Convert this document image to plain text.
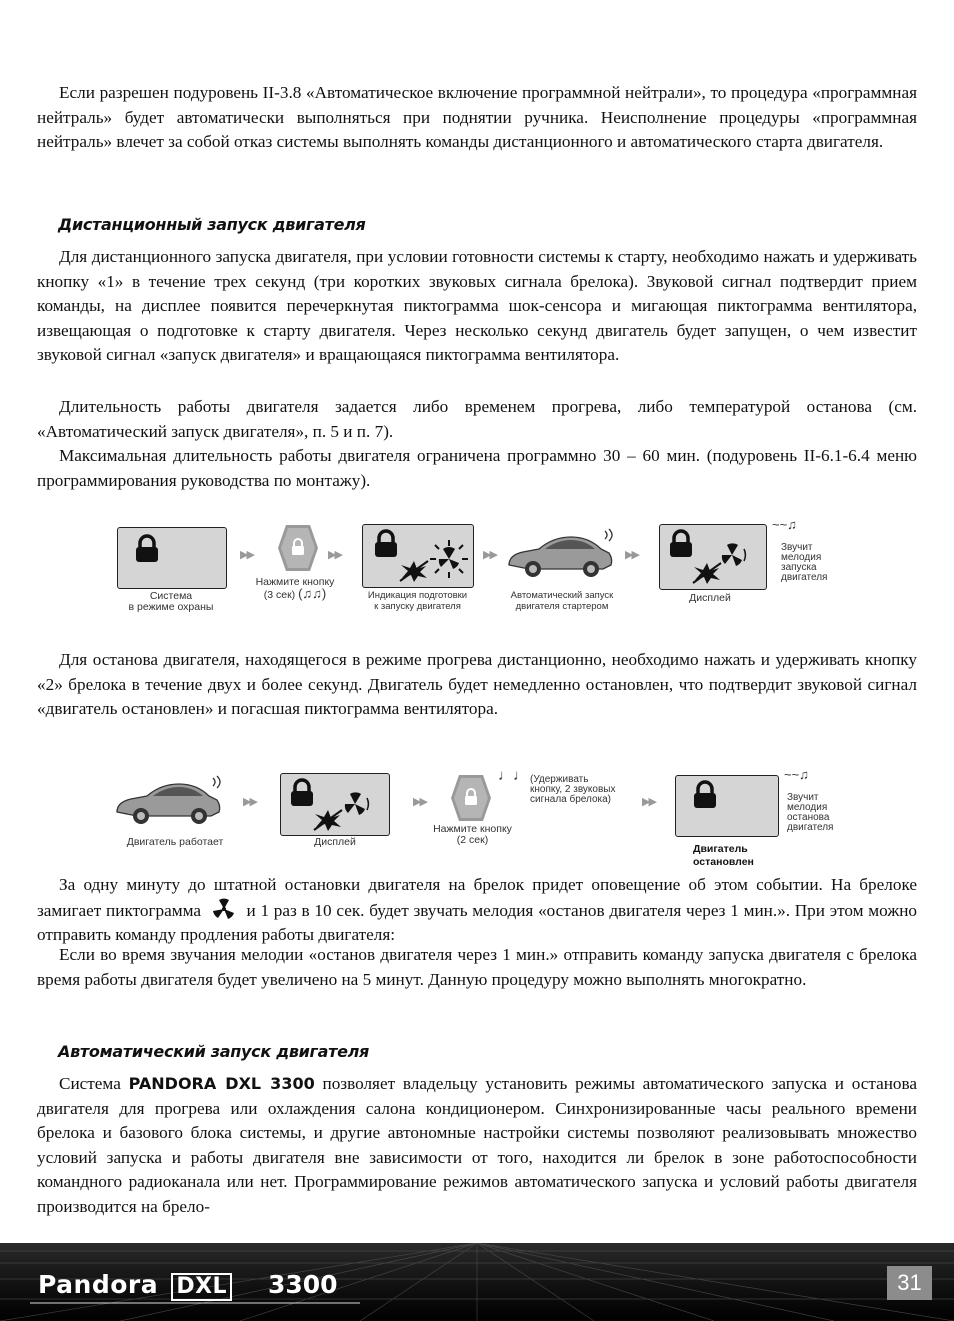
Если разрешен подуровень II-3.8 «Автоматическое включение программной нейтрали», то процедура «программная нейтраль» будет автоматически выполняться при поднятии ручника. Неисполнение процедуры «программная нейтраль» влечет за собой отказ системы выполнять команды дистанционного и автоматического старта двигателя.

Дистанционный запуск двигателя

Для дистанционного запуска двигателя, при условии готовности системы к старту, необходимо нажать и удерживать кнопку «1» в течение трех секунд (три коротких звуковых сигнала брелока). Звуковой сигнал подтвердит прием команды, на дисплее появится перечеркнутая пиктограмма шок-сенсора и мигающая пиктограмма вентилятора, извещающая о подготовке к старту двигателя. Через несколько секунд двигатель будет запущен, о чем известит звуковой сигнал «запуск двигателя» и вращающаяся пиктограмма вентилятора.

Длительность работы двигателя задается либо временем прогрева, либо температурой останова (см. «Автоматический запуск двигателя», п. 5 и п. 7).

Максимальная длительность работы двигателя ограничена программно 30 – 60 мин. (подуровень II-6.1-6.4 меню программирования руководства по монтажу).

Система
в режиме охраны
▶▶
Нажмите кнопку
(3 сек) (♫♫)
▶▶
Индикация подготовки
к запуску двигателя
▶▶
Автоматический запуск
двигателя стартером
▶▶
Дисплей
~~♫
Звучит
мелодия
запуска
двигателя

Для останова двигателя, находящегося в режиме прогрева дистанционно, необходимо нажать и удерживать кнопку «2» брелока в течение двух и более секунд. Двигатель будет немедленно остановлен, что подтвердит звуковой сигнал «двигатель остановлен» и погасшая пиктограмма вентилятора.

Двигатель работает
▶▶
Дисплей
▶▶
Нажмите кнопку
(2 сек)
♩♩ (Удерживать
кнопку, 2 звуковых
сигнала брелока)	▶▶
Двигатель
остановлен
~~♫
Звучит
мелодия
останова
двигателя

За одну минуту до штатной остановки двигателя на брелок придет оповещение об этом событии. На брелоке замигает пиктограмма	и 1 раз в 10 сек. будет звучать мелодия «останов двигателя через 1 мин.». При этом можно отправить команду продления работы двигателя:

Если во время звучания мелодии «останов двигателя через 1 мин.» отправить команду запуска двигателя с брелока время работы двигателя будет увеличено на 5 минут. Данную процедуру можно выполнять многократно.

Автоматический запуск двигателя

Система PANDORA DXL 3300 позволяет владельцу установить режимы автоматического запуска и останова двигателя для прогрева или охлаждения салона кондиционером. Синхронизированные часы реального времени брелока и базового блока системы, и другие автономные настройки системы позволяют реализовывать множество условий запуска и работы двигателя вне зависимости от того, находится ли брелок в зоне работоспособности командного радиоканала или нет. Программирование режимов автоматического запуска и условий работы двигателя производится на брело-

Pandora DXL 3300	31
